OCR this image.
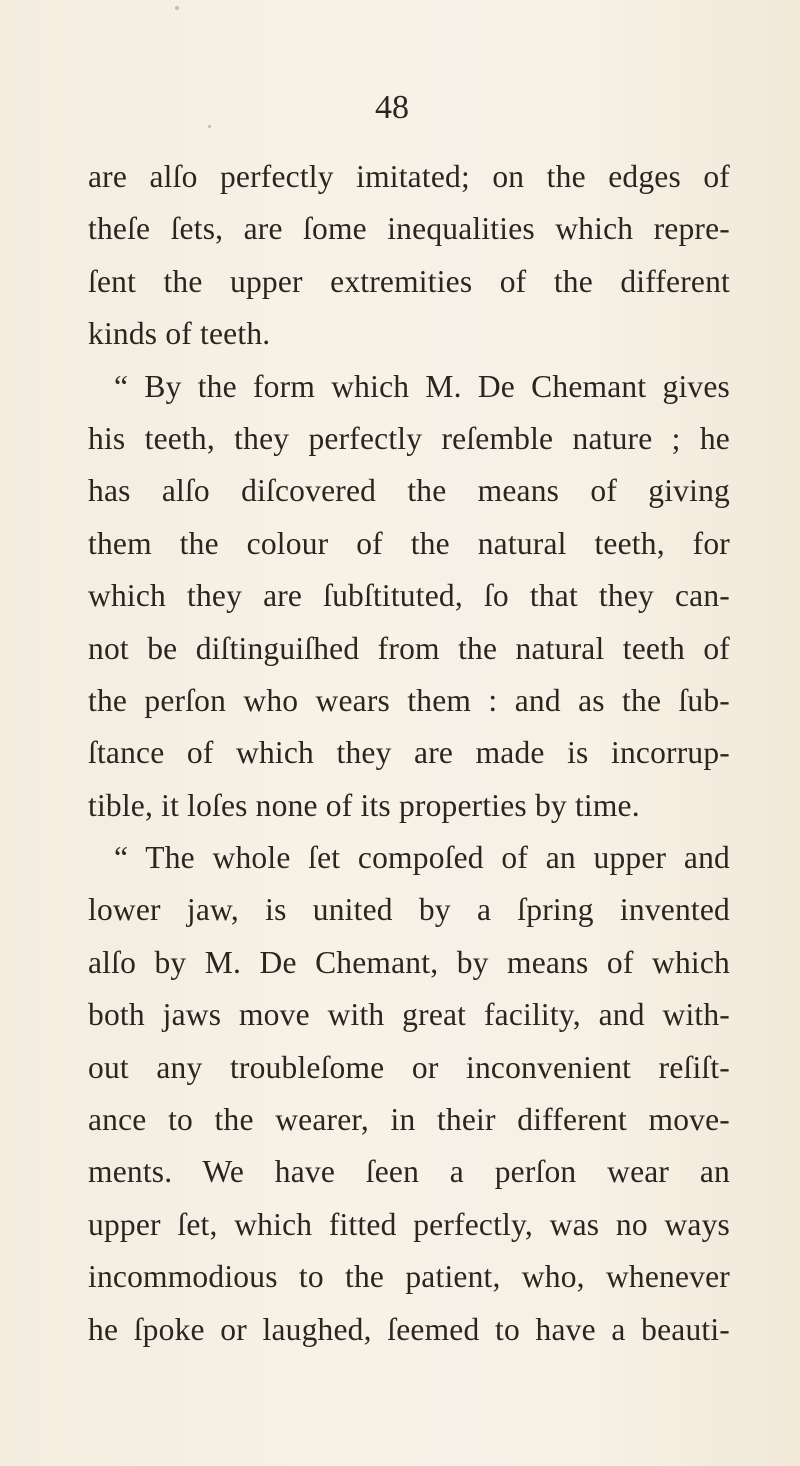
48
are alſo perfectly imitated; on the edges of
theſe ſets, are ſome inequalities which repre-
ſent the upper extremities of the different
kinds of teeth.
“ By the form which M. De Chemant gives
his teeth, they perfectly reſemble nature ; he
has alſo diſcovered the means of giving
them the colour of the natural teeth, for
which they are ſubſtituted, ſo that they can-
not be diſtinguiſhed from the natural teeth of
the perſon who wears them : and as the ſub-
ſtance of which they are made is incorrup-
tible, it loſes none of its properties by time.
“ The whole ſet compoſed of an upper and
lower jaw, is united by a ſpring invented
alſo by M. De Chemant, by means of which
both jaws move with great facility, and with-
out any troubleſome or inconvenient reſiſt-
ance to the wearer, in their different move-
ments. We have ſeen a perſon wear an
upper ſet, which fitted perfectly, was no ways
incommodious to the patient, who, whenever
he ſpoke or laughed, ſeemed to have a beauti-
